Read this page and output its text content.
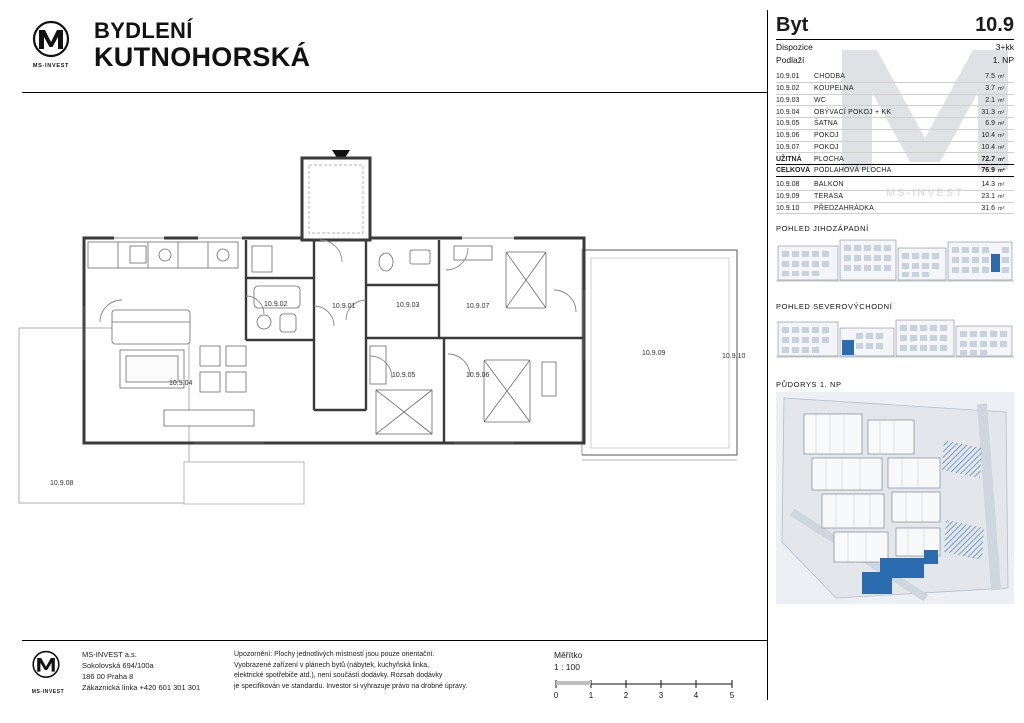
MS-INVEST
BYDLENÍ
KUTNOHORSKÁ
MS-INVEST
Byt	10.9
Dispozice	3+kk
Podlaží	1. NP
10.9.01	CHODBA	7.5 m²
10.9.02	KOUPELNA	3.7 m²
10.9.03	WC	2.1 m²
10.9.04	OBÝVACÍ POKOJ + KK	31.3 m²
10.9.05	ŠATNA	6.9 m²
10.9.06	POKOJ	10.4 m²
10.9.07	POKOJ	10.4 m²
UŽITNÁ	PLOCHA	72.7 m²
CELKOVÁ PODLAHOVÁ PLOCHA	76.9 m²
10.9.08	BALKON	14.3 m²
10.9.09	TERASA	23.1 m²
10.9.10	PŘEDZAHRÁDKA	31.6 m²
POHLED JIHOZÁPADNÍ
POHLED SEVEROVÝCHODNÍ
PŮDORYS 1. NP
10.9.01
10.9.02	10.9.03
10.9.04
10.9.05	10.9.06
10.9.07
10.9.08
10.9.09	10.9.10
MS-INVEST
MS-INVEST a.s.
Sokolovská 694/100a
186 00 Praha 8
Zákaznická linka +420 601 301 301
Upozornění: Plochy jednotlivých místností jsou pouze orientační.
Vyobrazené zařízení v plánech bytů (nábytek, kuchyňská linka,
elektrické spotřebiče atd.), není součástí dodávky. Rozsah dodávky
je specifikován ve standardu. Investor si vyhrazuje právo na drobné úpravy.
Měřítko
1 : 100
0	1	2	3	4	5
